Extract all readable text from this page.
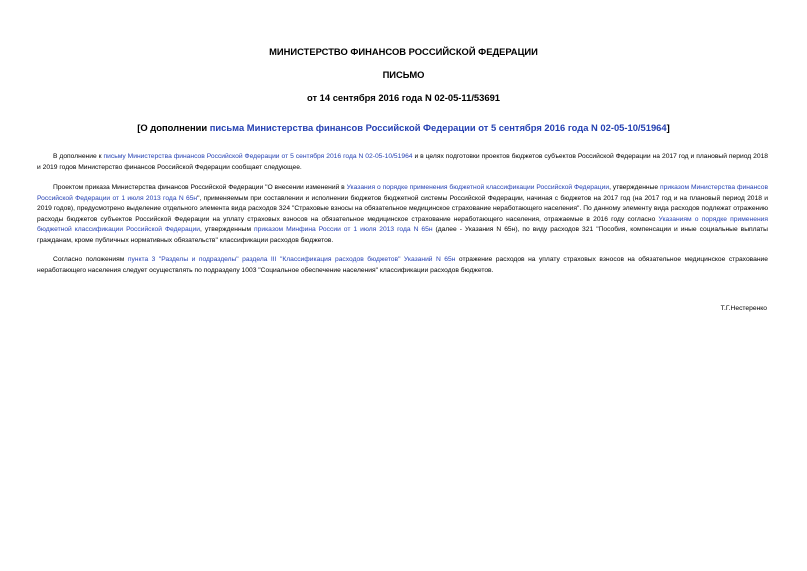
МИНИСТЕРСТВО ФИНАНСОВ РОССИЙСКОЙ ФЕДЕРАЦИИ
ПИСЬМО
от 14 сентября 2016 года N 02-05-11/53691
[О дополнении письма Министерства финансов Российской Федерации от 5 сентября 2016 года N 02-05-10/51964]

В дополнение к письму Министерства финансов Российской Федерации от 5 сентября 2016 года N 02-05-10/51964 и в целях подготовки проектов бюджетов субъектов Российской Федерации на 2017 год и плановый период 2018 и 2019 годов Министерство финансов Российской Федерации сообщает следующее.

Проектом приказа Министерства финансов Российской Федерации "О внесении изменений в Указания о порядке применения бюджетной классификации Российской Федерации, утвержденные приказом Министерства финансов Российской Федерации от 1 июля 2013 года N 65н", применяемым при составлении и исполнении бюджетов бюджетной системы Российской Федерации, начиная с бюджетов на 2017 год (на 2017 год и на плановый период 2018 и 2019 годов), предусмотрено выделение отдельного элемента вида расходов 324 "Страховые взносы на обязательное медицинское страхование неработающего населения". По данному элементу вида расходов подлежат отражению расходы бюджетов субъектов Российской Федерации на уплату страховых взносов на обязательное медицинское страхование неработающего населения, отражаемые в 2016 году согласно Указаниям о порядке применения бюджетной классификации Российской Федерации, утвержденным приказом Минфина России от 1 июля 2013 года N 65н (далее - Указания N 65н), по виду расходов 321 "Пособия, компенсации и иные социальные выплаты гражданам, кроме публичных нормативных обязательств" классификации расходов бюджетов.

Согласно положениям пункта 3 "Разделы и подразделы" раздела III "Классификация расходов бюджетов" Указаний N 65н отражение расходов на уплату страховых взносов на обязательное медицинское страхование неработающего населения следует осуществлять по подразделу 1003 "Социальное обеспечение населения" классификации расходов бюджетов.

Т.Г.Нестеренко
